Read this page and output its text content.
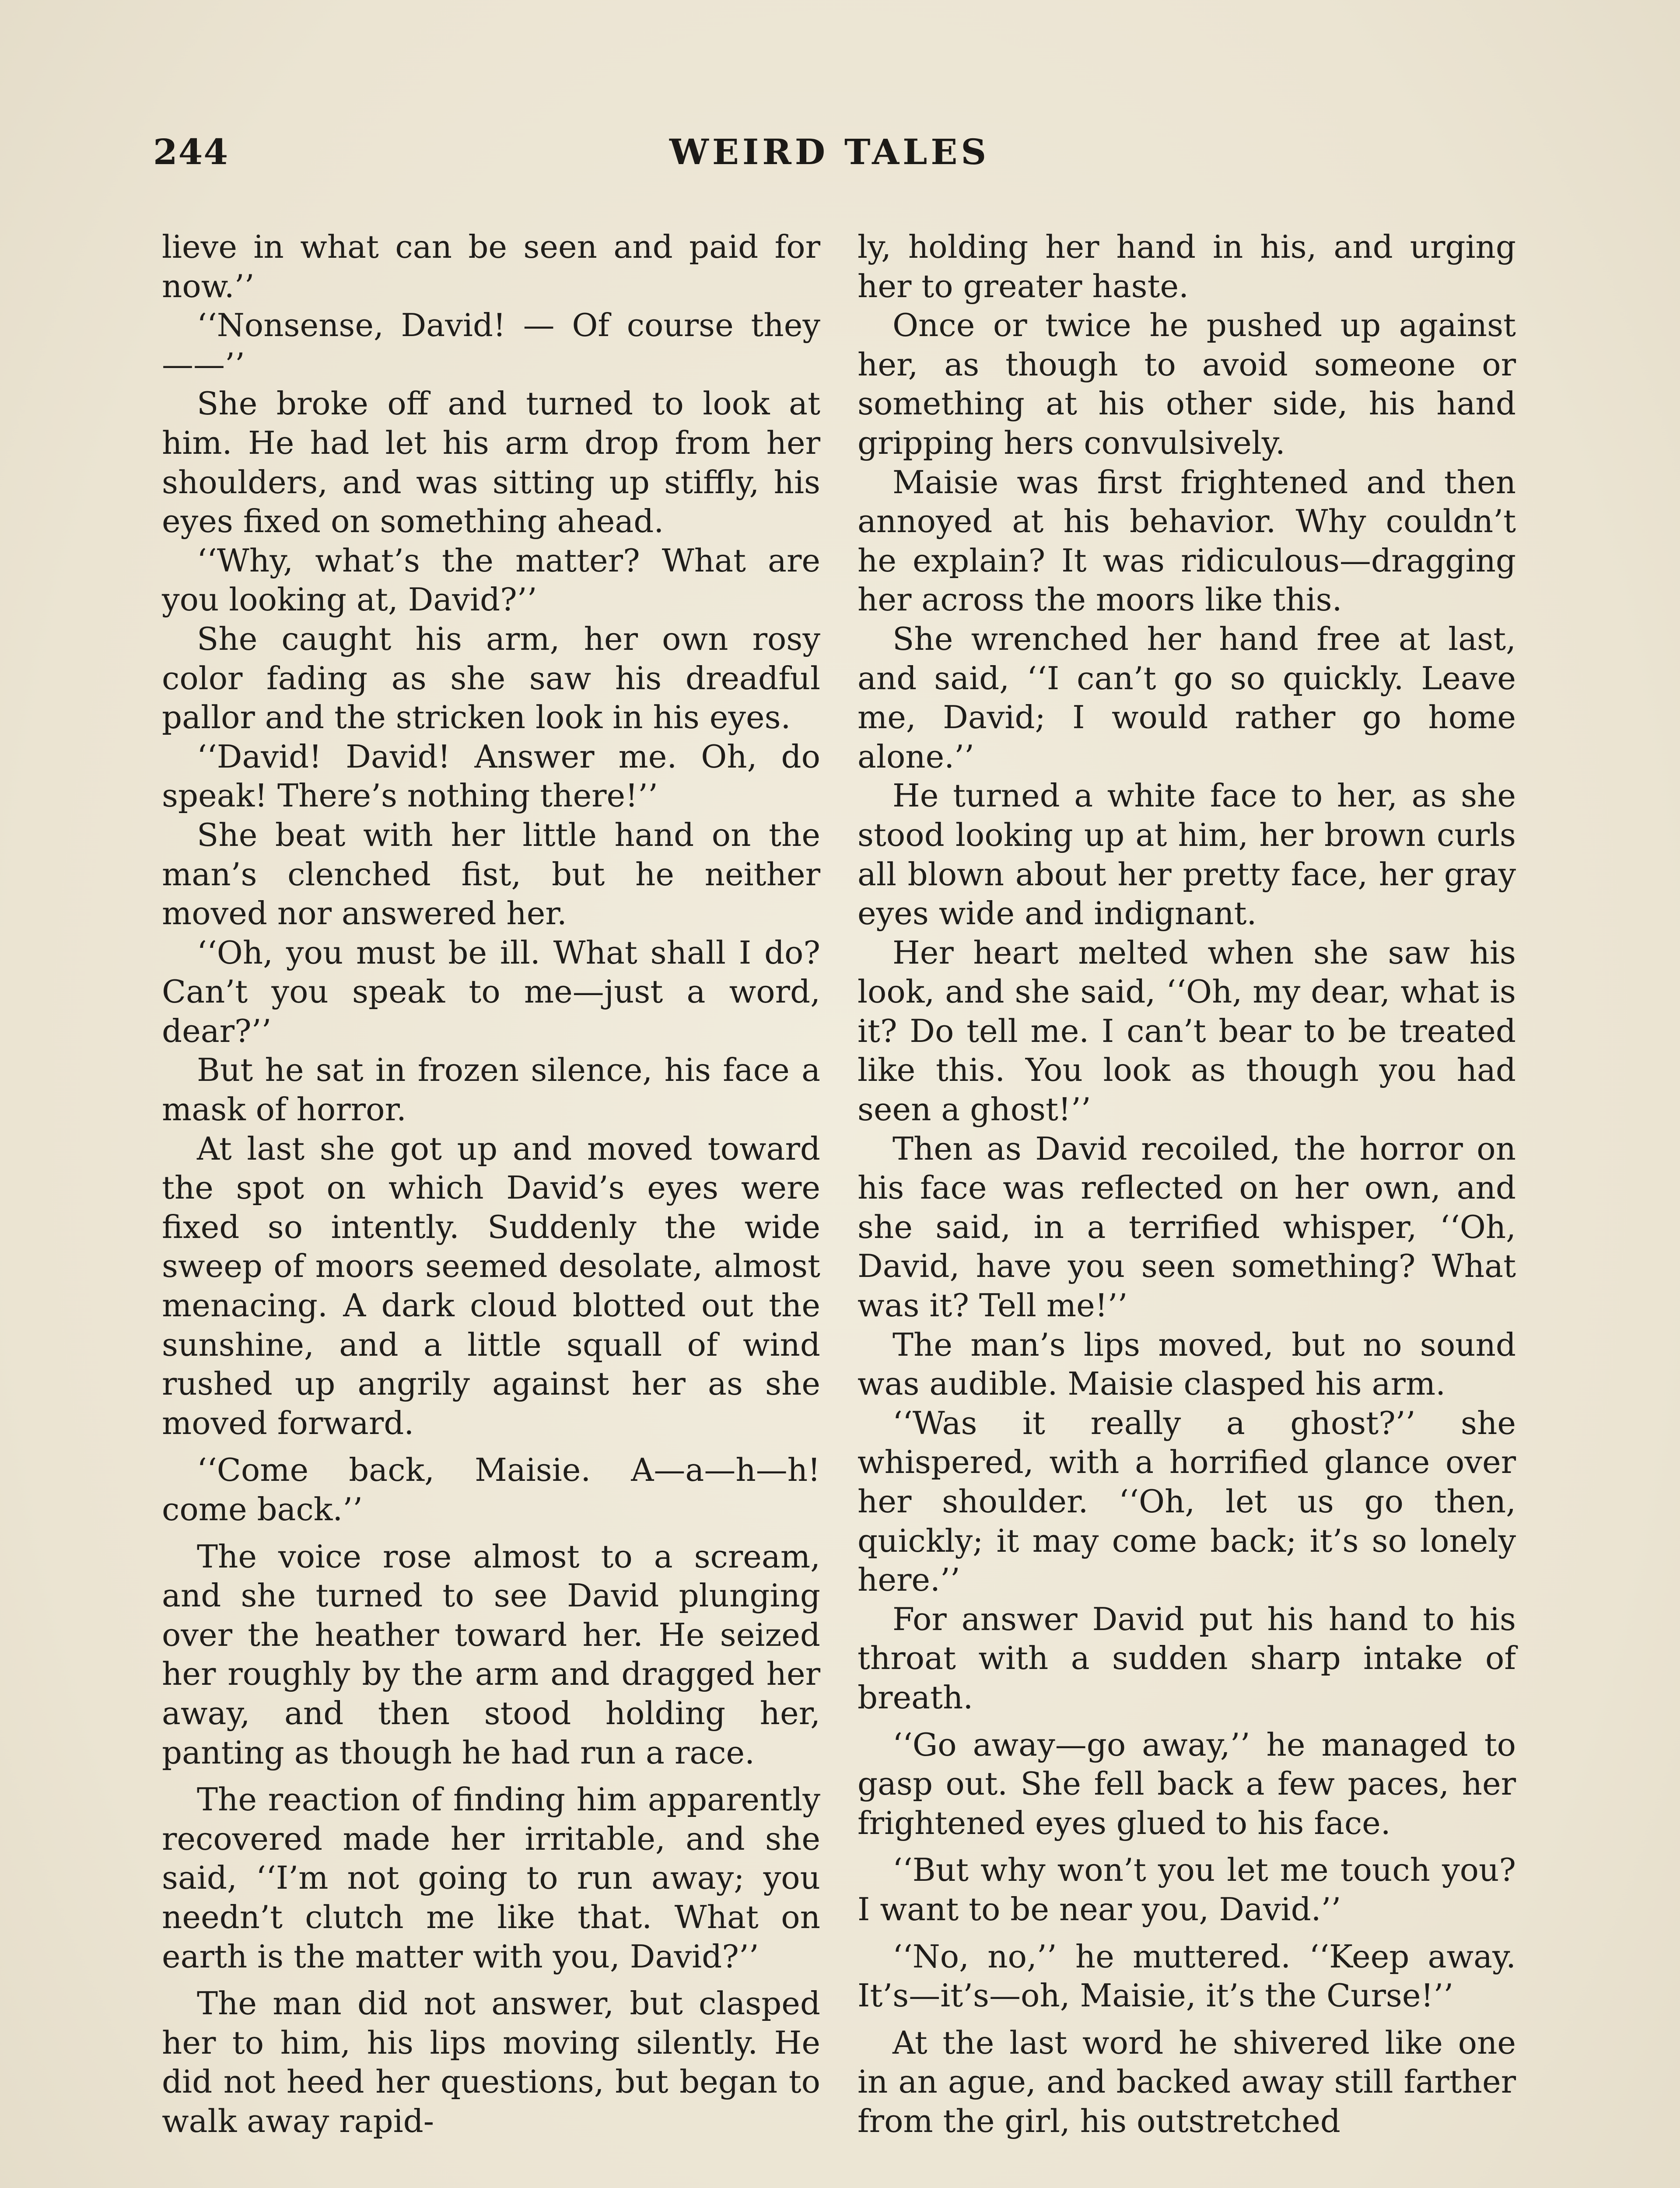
244	WEIRD TALES

lieve in what can be seen and paid for now.’’

‘‘Nonsense, David! — Of course they——’’

She broke off and turned to look at him. He had let his arm drop from her shoulders, and was sitting up stiffly, his eyes fixed on something ahead.

‘‘Why, what’s the matter? What are you looking at, David?’’

She caught his arm, her own rosy color fading as she saw his dreadful pallor and the stricken look in his eyes.

‘‘David! David! Answer me. Oh, do speak! There’s nothing there!’’

She beat with her little hand on the man’s clenched fist, but he neither moved nor answered her.

‘‘Oh, you must be ill. What shall I do? Can’t you speak to me—just a word, dear?’’

But he sat in frozen silence, his face a mask of horror.

At last she got up and moved toward the spot on which David’s eyes were fixed so intently. Suddenly the wide sweep of moors seemed desolate, almost menacing. A dark cloud blotted out the sunshine, and a little squall of wind rushed up angrily against her as she moved forward.

‘‘Come back, Maisie. A—a—h—h! come back.’’

The voice rose almost to a scream, and she turned to see David plunging over the heather toward her. He seized her roughly by the arm and dragged her away, and then stood holding her, panting as though he had run a race.

The reaction of finding him apparently recovered made her irritable, and she said, ‘‘I’m not going to run away; you needn’t clutch me like that. What on earth is the matter with you, David?’’

The man did not answer, but clasped her to him, his lips moving silently. He did not heed her questions, but began to walk away rapid-

ly, holding her hand in his, and urging her to greater haste.

Once or twice he pushed up against her, as though to avoid someone or something at his other side, his hand gripping hers convulsively.

Maisie was first frightened and then annoyed at his behavior. Why couldn’t he explain? It was ridiculous—dragging her across the moors like this.

She wrenched her hand free at last, and said, ‘‘I can’t go so quickly. Leave me, David; I would rather go home alone.’’

He turned a white face to her, as she stood looking up at him, her brown curls all blown about her pretty face, her gray eyes wide and indignant.

Her heart melted when she saw his look, and she said, ‘‘Oh, my dear, what is it? Do tell me. I can’t bear to be treated like this. You look as though you had seen a ghost!’’

Then as David recoiled, the horror on his face was reflected on her own, and she said, in a terrified whisper, ‘‘Oh, David, have you seen something? What was it? Tell me!’’

The man’s lips moved, but no sound was audible. Maisie clasped his arm.

‘‘Was it really a ghost?’’ she whispered, with a horrified glance over her shoulder. ‘‘Oh, let us go then, quickly; it may come back; it’s so lonely here.’’

For answer David put his hand to his throat with a sudden sharp intake of breath.

‘‘Go away—go away,’’ he managed to gasp out. She fell back a few paces, her frightened eyes glued to his face.

‘‘But why won’t you let me touch you? I want to be near you, David.’’

‘‘No, no,’’ he muttered. ‘‘Keep away. It’s—it’s—oh, Maisie, it’s the Curse!’’

At the last word he shivered like one in an ague, and backed away still farther from the girl, his outstretched
